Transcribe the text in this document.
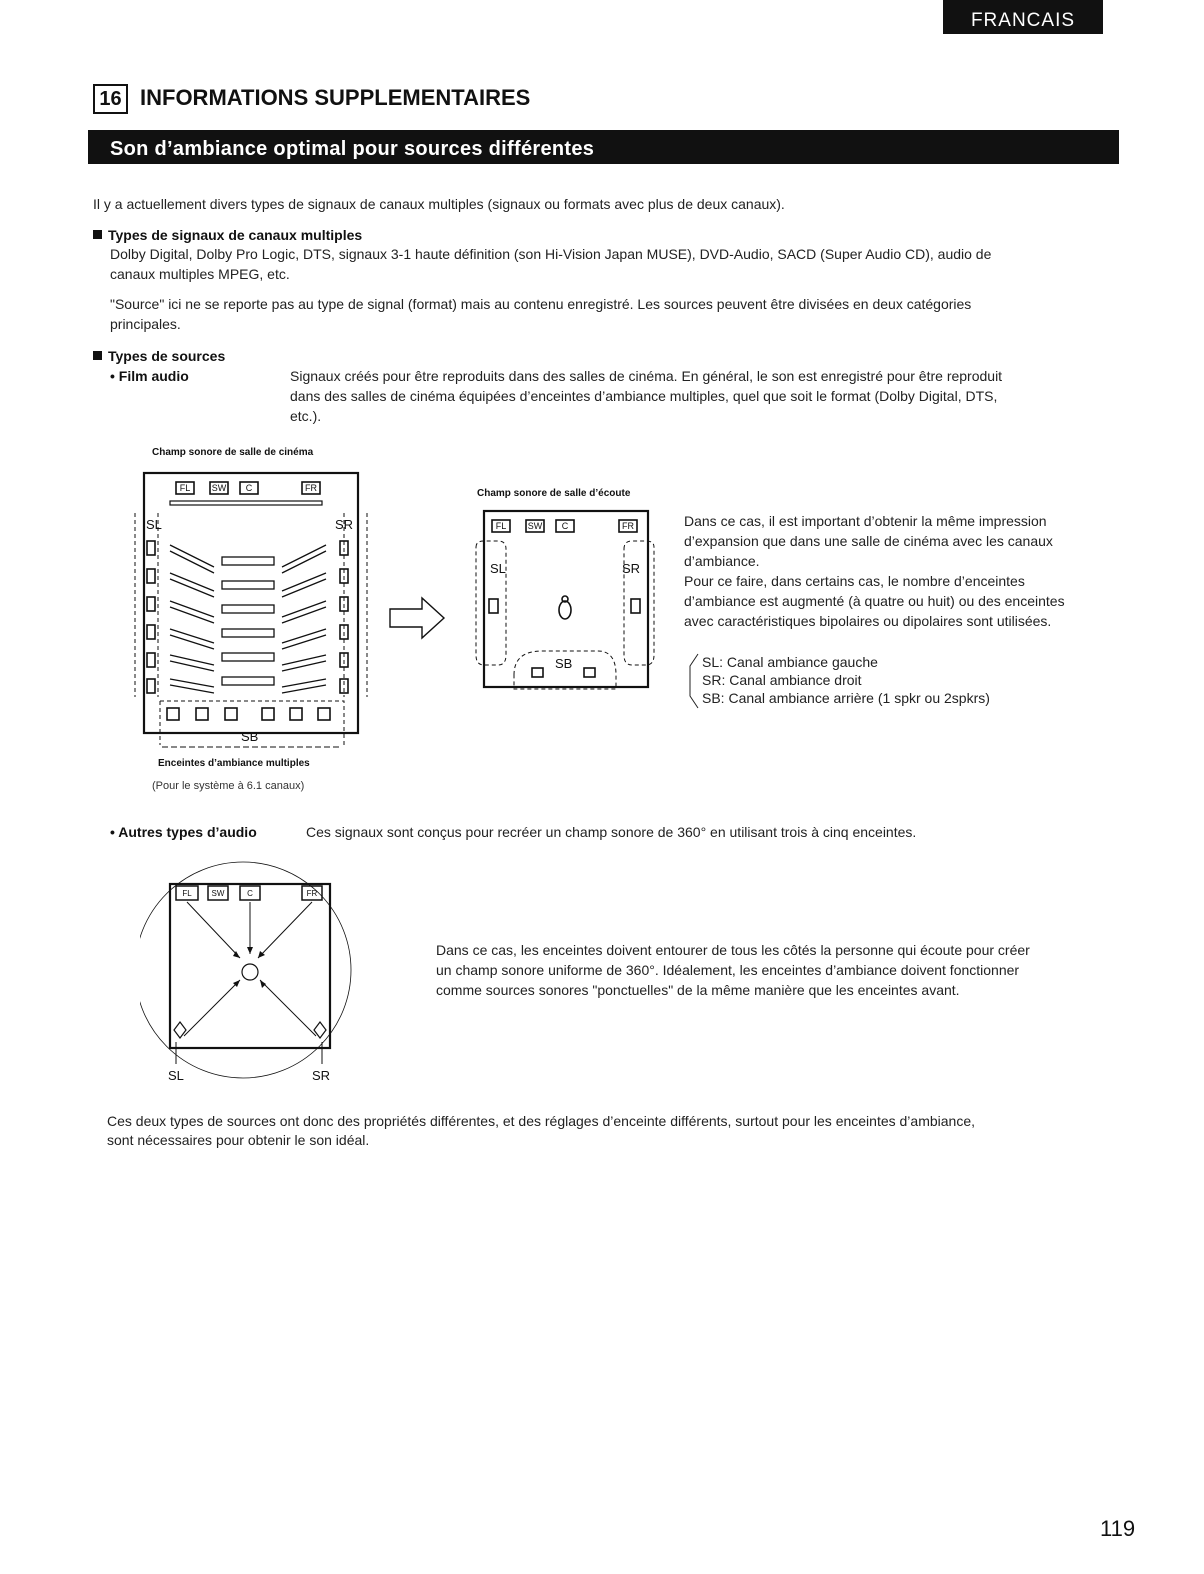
FRANCAIS
16 INFORMATIONS SUPPLEMENTAIRES
Son d’ambiance optimal pour sources différentes
Il y a actuellement divers types de signaux de canaux multiples (signaux ou formats avec plus de deux canaux).
Types de signaux de canaux multiples
Dolby Digital, Dolby Pro Logic, DTS, signaux 3-1 haute définition (son Hi-Vision Japan MUSE), DVD-Audio, SACD (Super Audio CD), audio de
canaux multiples MPEG, etc.
"Source" ici ne se reporte pas au type de signal (format) mais au contenu enregistré. Les sources peuvent être divisées en deux catégories
principales.
Types de sources
• Film audio	Signaux créés pour être reproduits dans des salles de cinéma. En général, le son est enregistré pour être reproduit
dans des salles de cinéma équipées d’enceintes d’ambiance multiples, quel que soit le format (Dolby Digital, DTS,
etc.).
Champ sonore de salle de cinéma
FL SW C	FR
SL	SR
SB
Enceintes d’ambiance multiples
(Pour le système à 6.1 canaux)
Champ sonore de salle d’écoute
FL SW C	FR
SL	SR
SB
Dans ce cas, il est important d’obtenir la même impression
d’expansion que dans une salle de cinéma avec les canaux
d’ambiance.
Pour ce faire, dans certains cas, le nombre d’enceintes
d’ambiance est augmenté (à quatre ou huit) ou des enceintes
avec caractéristiques bipolaires ou dipolaires sont utilisées.
SL: Canal ambiance gauche
SR: Canal ambiance droit
SB: Canal ambiance arrière (1 spkr ou 2spkrs)
• Autres types d’audio	Ces signaux sont conçus pour recréer un champ sonore de 360° en utilisant trois à cinq enceintes.
FL SW	C	FR
SL	SR
Dans ce cas, les enceintes doivent entourer de tous les côtés la personne qui écoute pour créer
un champ sonore uniforme de 360°. Idéalement, les enceintes d’ambiance doivent fonctionner
comme sources sonores "ponctuelles" de la même manière que les enceintes avant.
Ces deux types de sources ont donc des propriétés différentes, et des réglages d’enceinte différents, surtout pour les enceintes d’ambiance,
sont nécessaires pour obtenir le son idéal.
119
